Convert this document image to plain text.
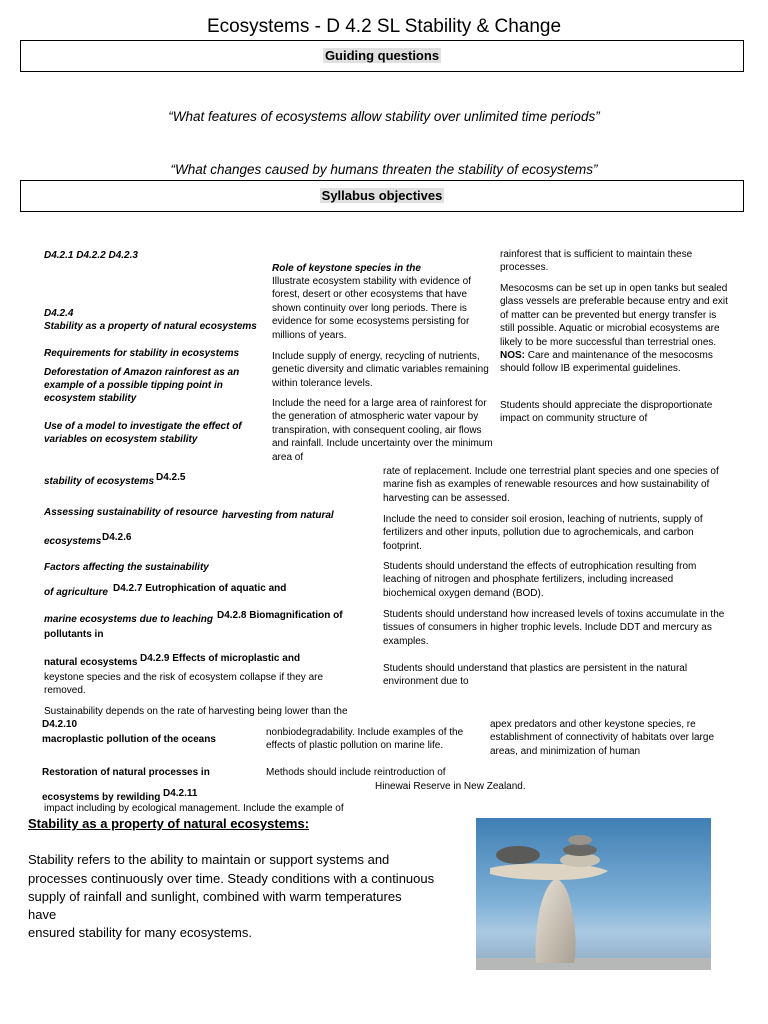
Ecosystems - D 4.2 SL Stability & Change
Guiding questions
“What features of ecosystems allow stability over unlimited time periods”
“What changes caused by humans threaten the stability of ecosystems”
Syllabus objectives
D4.2.1 D4.2.2 D4.2.3
D4.2.4
Stability as a property of natural ecosystems
Requirements for stability in ecosystems
Deforestation of Amazon rainforest as an example of a possible tipping point in ecosystem stability
Use of a model to investigate the effect of variables on ecosystem stability
stability of ecosystems D4.2.5
Assessing sustainability of resource harvesting from natural
ecosystems D4.2.6
Factors affecting the sustainability
of agriculture D4.2.7 Eutrophication of aquatic and
marine ecosystems due to leaching D4.2.8 Biomagnification of
pollutants in
natural ecosystems D4.2.9 Effects of microplastic and
D4.2.10
macroplastic pollution of the oceans
Restoration of natural processes in
ecosystems by rewilding D4.2.11
Role of keystone species in the
Illustrate ecosystem stability with evidence of forest, desert or other ecosystems that have shown continuity over long periods. There is evidence for some ecosystems persisting for millions of years.
Include supply of energy, recycling of nutrients, genetic diversity and climatic variables remaining within tolerance levels.
Include the need for a large area of rainforest for the generation of atmospheric water vapour by transpiration, with consequent cooling, air flows and rainfall. Include uncertainty over the minimum area of
rainforest that is sufficient to maintain these processes.
Mesocosms can be set up in open tanks but sealed glass vessels are preferable because entry and exit of matter can be prevented but energy transfer is still possible. Aquatic or microbial ecosystems are likely to be more successful than terrestrial ones. NOS: Care and maintenance of the mesocosms should follow IB experimental guidelines.
Students should appreciate the disproportionate impact on community structure of
rate of replacement. Include one terrestrial plant species and one species of marine fish as examples of renewable resources and how sustainability of harvesting can be assessed.
Include the need to consider soil erosion, leaching of nutrients, supply of fertilizers and other inputs, pollution due to agrochemicals, and carbon footprint.
Students should understand the effects of eutrophication resulting from leaching of nitrogen and phosphate fertilizers, including increased biochemical oxygen demand (BOD).
Students should understand how increased levels of toxins accumulate in the tissues of consumers in higher trophic levels. Include DDT and mercury as examples.
Students should understand that plastics are persistent in the natural environment due to
keystone species and the risk of ecosystem collapse if they are removed.
Sustainability depends on the rate of harvesting being lower than the
nonbiodegradability. Include examples of the effects of plastic pollution on marine life.
apex predators and other keystone species, re establishment of connectivity of habitats over large areas, and minimization of human
Methods should include reintroduction of
Hinewai Reserve in New Zealand.
impact including by ecological management. Include the example of
Stability as a property of natural ecosystems:
Stability refers to the ability to maintain or support systems and
processes continuously over time. Steady conditions with a continuous
supply of rainfall and sunlight, combined with warm temperatures
have
ensured stability for many ecosystems.
